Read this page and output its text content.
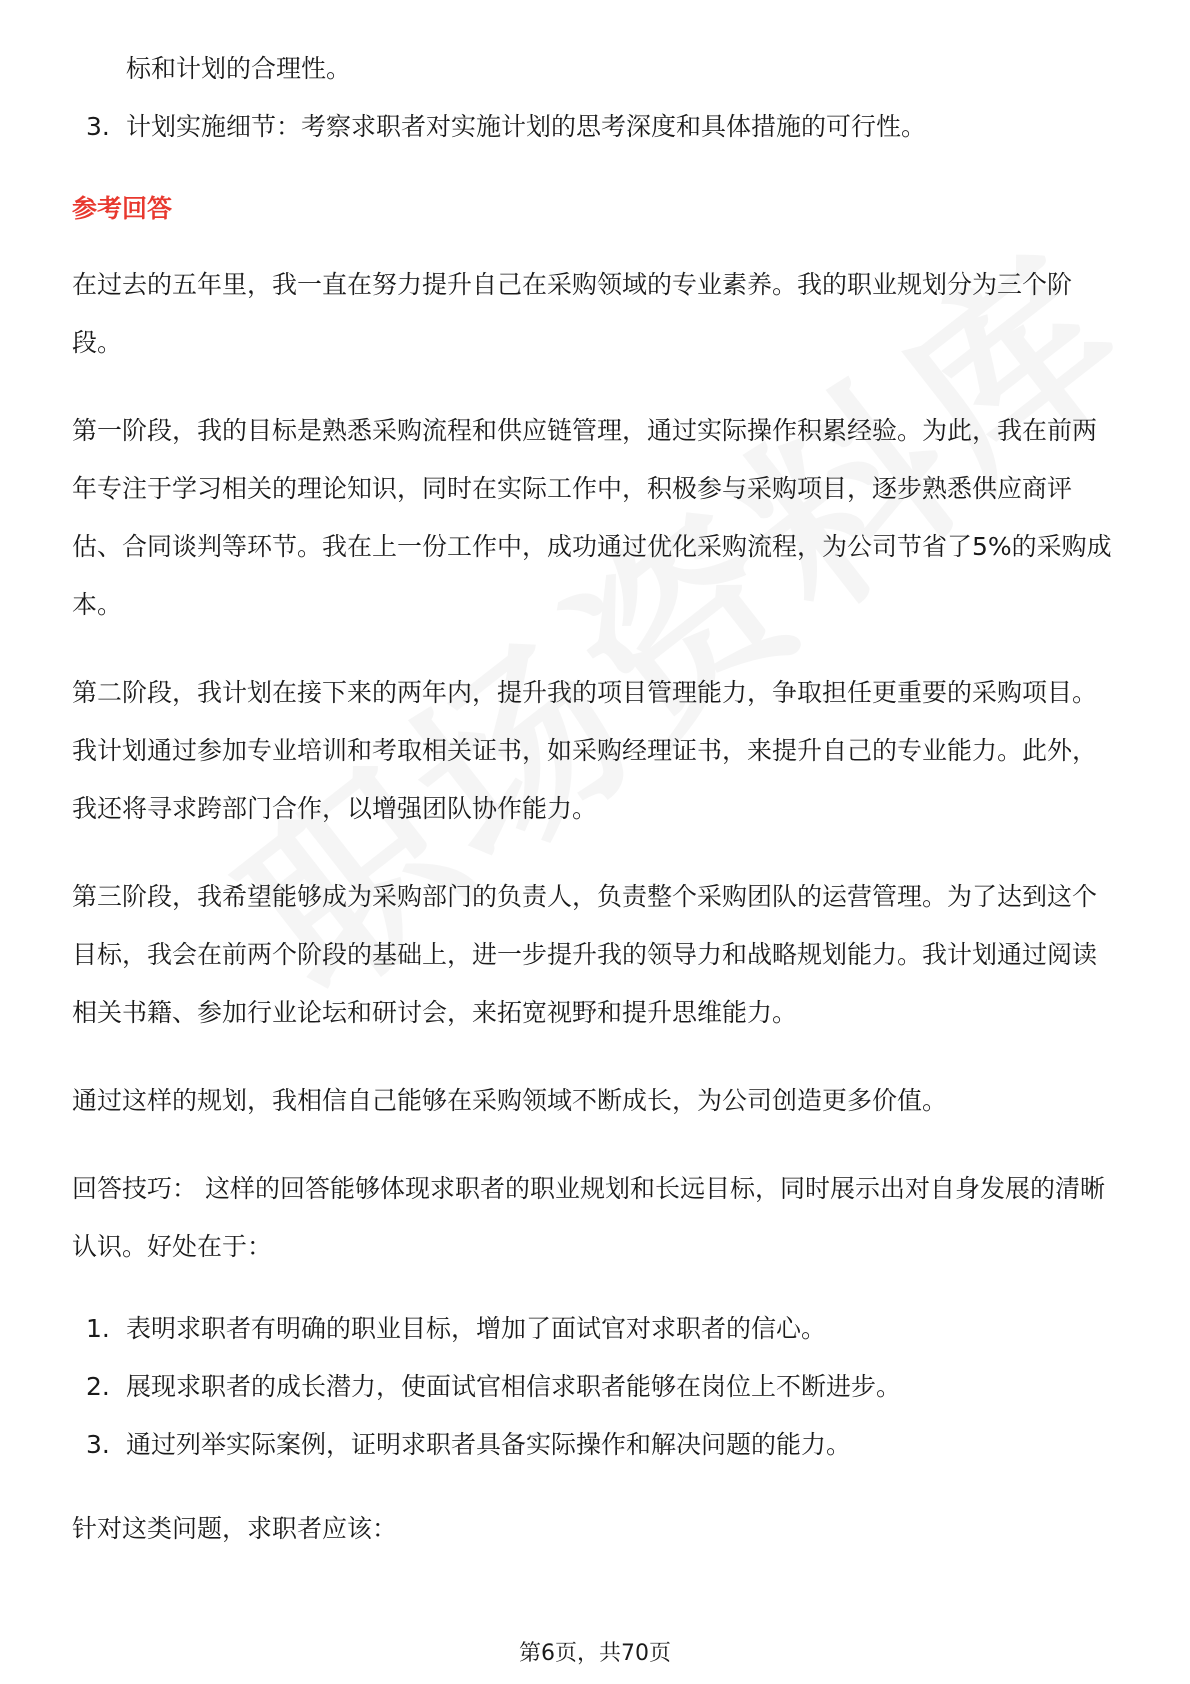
标和计划的合理性。

3. 计划实施细节：考察求职者对实施计划的思考深度和具体措施的可行性。
参考回答

在过去的五年里，我一直在努力提升自己在采购领域的专业素养。我的职业规划分为三个阶段。

第一阶段，我的目标是熟悉采购流程和供应链管理，通过实际操作积累经验。为此，我在前两年专注于学习相关的理论知识，同时在实际工作中，积极参与采购项目，逐步熟悉供应商评估、合同谈判等环节。我在上一份工作中，成功通过优化采购流程，为公司节省了5%的采购成本。

第二阶段，我计划在接下来的两年内，提升我的项目管理能力，争取担任更重要的采购项目。我计划通过参加专业培训和考取相关证书，如采购经理证书，来提升自己的专业能力。此外，我还将寻求跨部门合作，以增强团队协作能力。

第三阶段，我希望能够成为采购部门的负责人，负责整个采购团队的运营管理。为了达到这个目标，我会在前两个阶段的基础上，进一步提升我的领导力和战略规划能力。我计划通过阅读相关书籍、参加行业论坛和研讨会，来拓宽视野和提升思维能力。

通过这样的规划，我相信自己能够在采购领域不断成长，为公司创造更多价值。

回答技巧： 这样的回答能够体现求职者的职业规划和长远目标，同时展示出对自身发展的清晰认识。好处在于：

1. 表明求职者有明确的职业目标，增加了面试官对求职者的信心。
2. 展现求职者的成长潜力，使面试官相信求职者能够在岗位上不断进步。
3. 通过列举实际案例，证明求职者具备实际操作和解决问题的能力。

针对这类问题，求职者应该：

第6页，共70页
